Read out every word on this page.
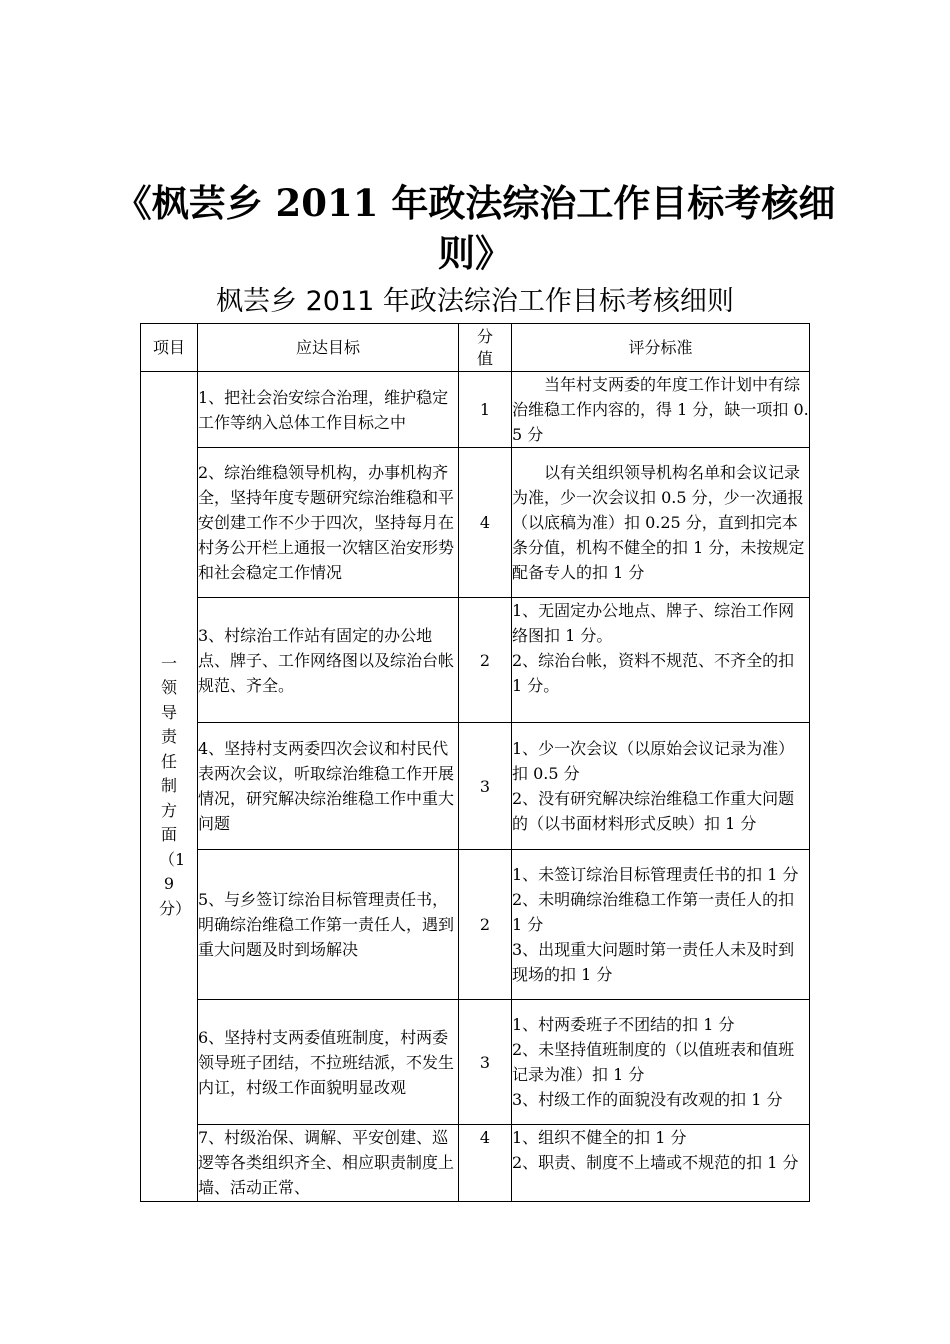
《枫芸乡 2011 年政法综治工作目标考核细则》
枫芸乡 2011 年政法综治工作目标考核细则
项目	应达目标	分值	评分标准

一领导责任制方面（19分）	1、把社会治安综合治理，维护稳定工作等纳入总体工作目标之中	1	当年村支两委的年度工作计划中有综治维稳工作内容的，得 1 分，缺一项扣 0.5 分
	2、综治维稳领导机构，办事机构齐全，坚持年度专题研究综治维稳和平安创建工作不少于四次，坚持每月在村务公开栏上通报一次辖区治安形势和社会稳定工作情况	4	以有关组织领导机构名单和会议记录为准，少一次会议扣 0.5 分，少一次通报（以底稿为准）扣 0.25 分，直到扣完本条分值，机构不健全的扣 1 分，未按规定配备专人的扣 1 分
	3、村综治工作站有固定的办公地点、牌子、工作网络图以及综治台帐规范、齐全。	2	1、无固定办公地点、牌子、综治工作网络图扣 1 分。
2、综治台帐，资料不规范、不齐全的扣 1 分。

	4、坚持村支两委四次会议和村民代表两次会议，听取综治维稳工作开展情况，研究解决综治维稳工作中重大问题	3	1、少一次会议（以原始会议记录为准）扣 0.5 分
2、没有研究解决综治维稳工作重大问题的（以书面材料形式反映）扣 1 分

	5、与乡签订综治目标管理责任书，明确综治维稳工作第一责任人，遇到重大问题及时到场解决	2	1、未签订综治目标管理责任书的扣 1 分
2、未明确综治维稳工作第一责任人的扣 1 分
3、出现重大问题时第一责任人未及时到现场的扣 1 分

	6、坚持村支两委值班制度，村两委领导班子团结，不拉班结派，不发生内讧，村级工作面貌明显改观	3	1、村两委班子不团结的扣 1 分
2、未坚持值班制度的（以值班表和值班记录为准）扣 1 分
3、村级工作的面貌没有改观的扣 1 分

	7、村级治保、调解、平安创建、巡逻等各类组织齐全、相应职责制度上墙、活动正常、	4	1、组织不健全的扣 1 分
2、职责、制度不上墙或不规范的扣 1 分
